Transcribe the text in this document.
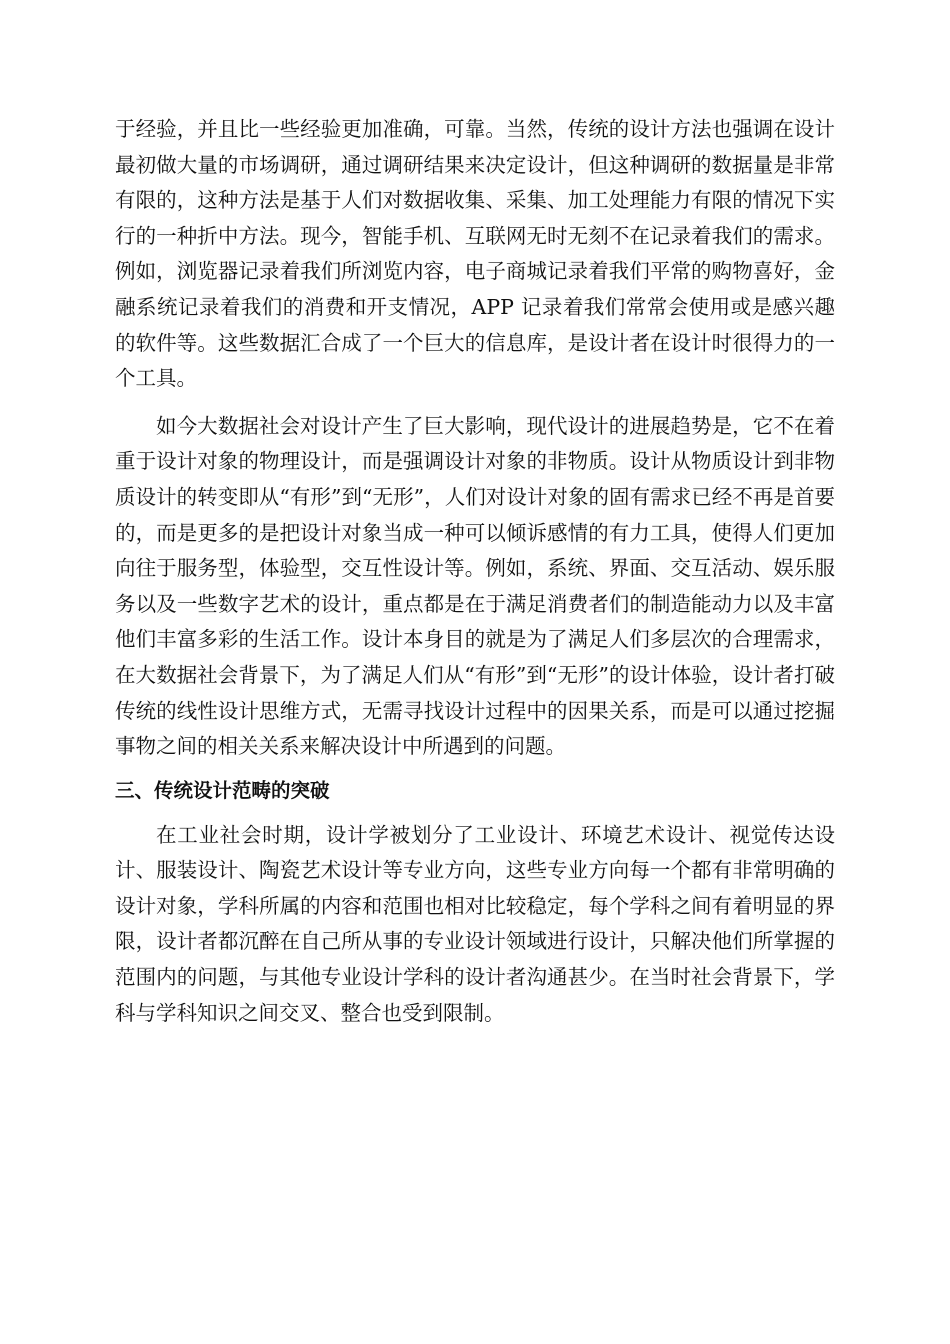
于经验，并且比一些经验更加准确，可靠。当然，传统的设计方法也强调在设计最初做大量的市场调研，通过调研结果来决定设计，但这种调研的数据量是非常有限的，这种方法是基于人们对数据收集、采集、加工处理能力有限的情况下实行的一种折中方法。现今，智能手机、互联网无时无刻不在记录着我们的需求。例如，浏览器记录着我们所浏览内容，电子商城记录着我们平常的购物喜好，金融系统记录着我们的消费和开支情况，APP 记录着我们常常会使用或是感兴趣的软件等。这些数据汇合成了一个巨大的信息库，是设计者在设计时很得力的一个工具。

如今大数据社会对设计产生了巨大影响，现代设计的进展趋势是，它不在着重于设计对象的物理设计，而是强调设计对象的非物质。设计从物质设计到非物质设计的转变即从“有形”到“无形”，人们对设计对象的固有需求已经不再是首要的，而是更多的是把设计对象当成一种可以倾诉感情的有力工具，使得人们更加向往于服务型，体验型，交互性设计等。例如，系统、界面、交互活动、娱乐服务以及一些数字艺术的设计，重点都是在于满足消费者们的制造能动力以及丰富他们丰富多彩的生活工作。设计本身目的就是为了满足人们多层次的合理需求，在大数据社会背景下，为了满足人们从“有形”到“无形”的设计体验，设计者打破传统的线性设计思维方式，无需寻找设计过程中的因果关系，而是可以通过挖掘事物之间的相关关系来解决设计中所遇到的问题。

三、传统设计范畴的突破

在工业社会时期，设计学被划分了工业设计、环境艺术设计、视觉传达设计、服装设计、陶瓷艺术设计等专业方向，这些专业方向每一个都有非常明确的设计对象，学科所属的内容和范围也相对比较稳定，每个学科之间有着明显的界限，设计者都沉醉在自己所从事的专业设计领域进行设计，只解决他们所掌握的范围内的问题，与其他专业设计学科的设计者沟通甚少。在当时社会背景下，学科与学科知识之间交叉、整合也受到限制。
